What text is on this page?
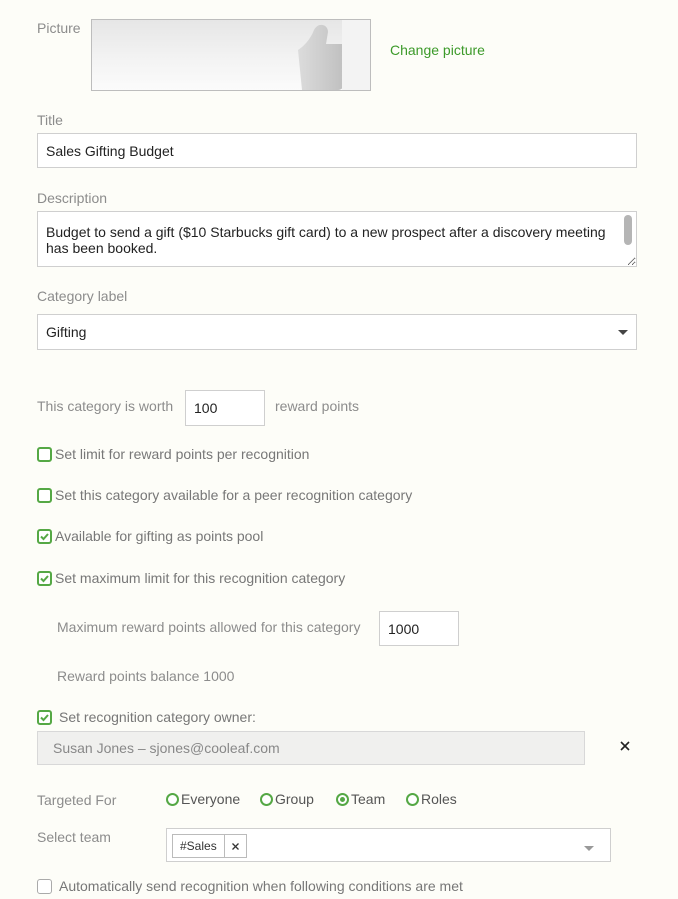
Picture
Change picture
Title
Sales Gifting Budget
Description
Budget to send a gift ($10 Starbucks gift card) to a new prospect after a discovery meeting has been booked.
Category label
Gifting
This category is worth
100	reward points
Set limit for reward points per recognition
Set this category available for a peer recognition category
Available for gifting as points pool
Set maximum limit for this recognition category
Maximum reward points allowed for this category
1000
Reward points balance 1000
Set recognition category owner:
Susan Jones – sjones@cooleaf.com
Targeted For	Everyone Group	Team	Roles
Select team
#Sales
Automatically send recognition when following conditions are met
